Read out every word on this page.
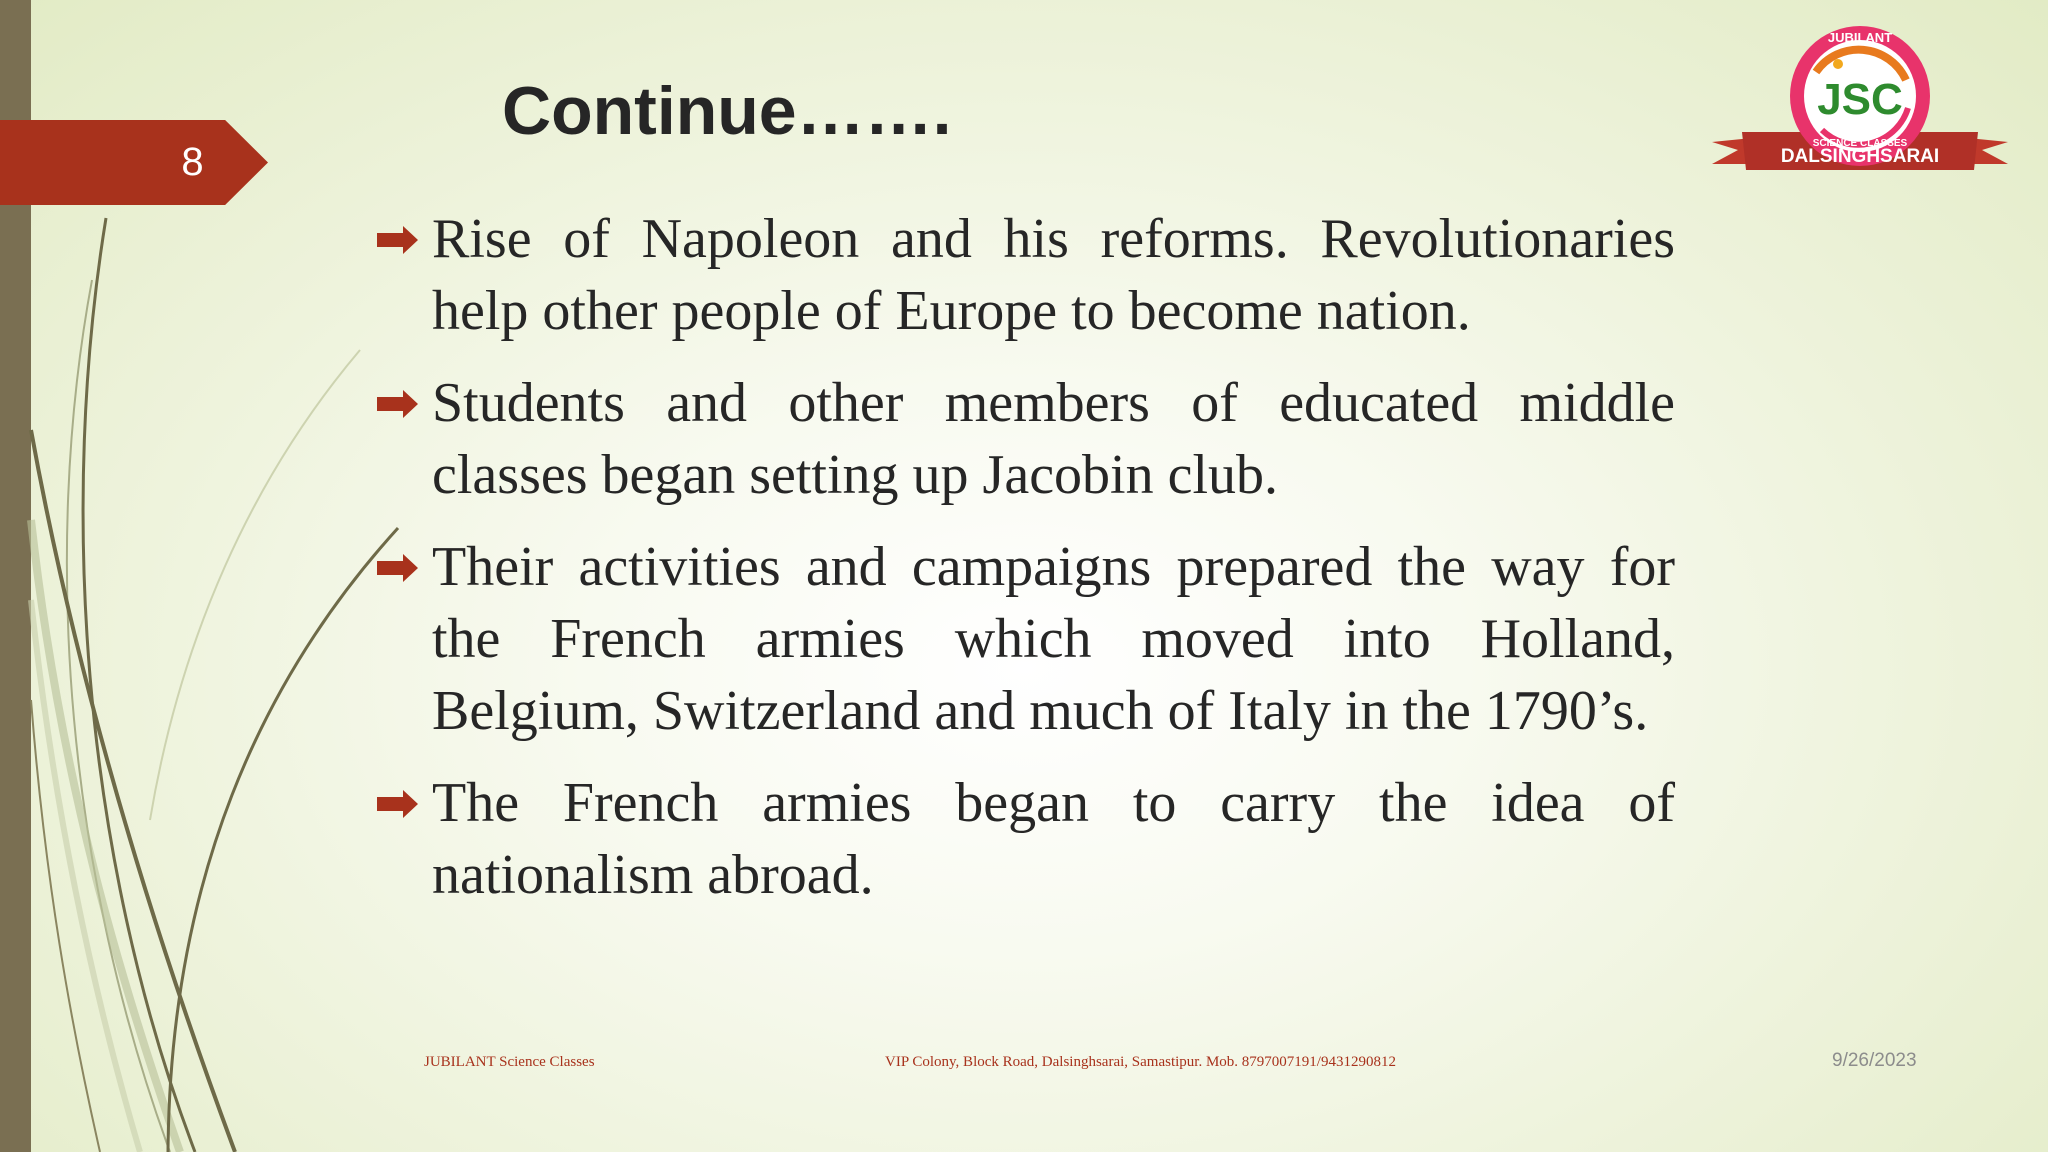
8
Continue…….
JUBILANT
JSC
SCIENCE CLASSES
DALSINGHSARAI
Rise of Napoleon and his reforms. Revolutionaries help other people of Europe to become nation.
Students and other members of educated middle classes began setting up Jacobin club.
Their activities and campaigns prepared the way for the French armies which moved into Holland, Belgium, Switzerland and much of Italy in the 1790’s.
The French armies began to carry the idea of nationalism abroad.
JUBILANT Science Classes	VIP Colony, Block Road, Dalsinghsarai, Samastipur. Mob. 8797007191/9431290812	9/26/2023
